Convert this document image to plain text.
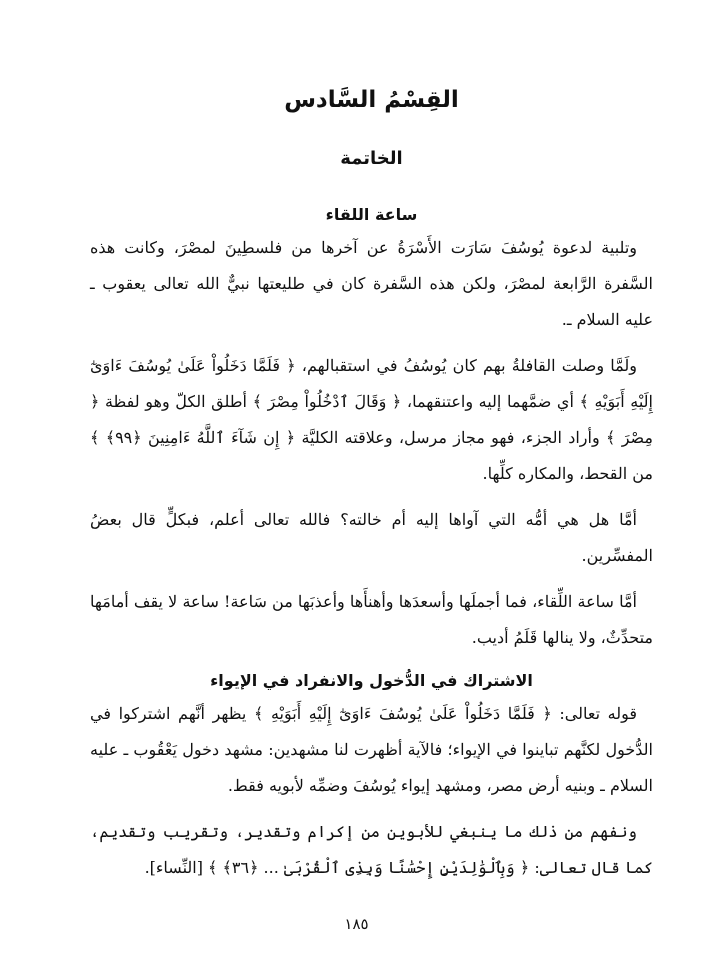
القِسْمُ السَّادس
الخاتمة
ساعة اللقاء

وتلبية لدعوة يُوسُفَ سَارَت الأَسْرَةُ عن آخرها من فلسطِينَ لمصْرَ، وكانت هذه السَّفرة الرَّابعة لمصْرَ، ولكن هذه السَّفرة كان في طليعتها نبيٌّ الله تعالى يعقوب ـ عليه السلام ـ.

ولَمَّا وصلت القافلةُ بهم كان يُوسُفُ في استقبالهم، ﴿ فَلَمَّا دَخَلُواْ عَلَىٰ يُوسُفَ ءَاوَىٰٓ إِلَيْهِ أَبَوَيْهِ ﴾ أي ضمَّهما إليه واعتنقهما، ﴿ وَقَالَ ٱدْخُلُواْ مِصْرَ ﴾ أطلق الكلّ وهو لفظة ﴿ مِصْرَ ﴾ وأراد الجزء، فهو مجاز مرسل، وعلاقته الكليَّة ﴿ إِن شَآءَ ٱللَّهُ ءَامِنِينَ ﴿٩٩﴾ ﴾ من القحط، والمكاره كلِّها.

أمَّا هل هي أمُّه التي آواها إليه أم خالته؟ فالله تعالى أعلم، فبكلٍّ قال بعضُ المفسِّرين.

أمَّا ساعة اللِّقاء، فما أجملَها وأسعدَها وأهنأَها وأعذبَها من سَاعة! ساعة لا يقف أمامَها متحدِّثٌ، ولا ينالها قَلَمُ أديب.

الاشتراك في الدُّخول والانفراد في الإيواء

قوله تعالى: ﴿ فَلَمَّا دَخَلُواْ عَلَىٰ يُوسُفَ ءَاوَىٰٓ إِلَيْهِ أَبَوَيْهِ ﴾ يظهر أنَّهم اشتركوا في الدُّخول لكنَّهم تباينوا في الإيواء؛ فالآية أظهرت لنا مشهدين: مشهد دخول يَعْقُوب ـ عليه السلام ـ وبنيه أرض مصر، ومشهد إيواء يُوسُفَ وضمِّه لأبويه فقط.

ونفهم من ذلك ما ينبغي للأبوين من إكرام وتقدير، وتقريب وتقديم، كما قال تعالى: ﴿ وَبِٱلْوَٰلِدَيْنِ إِحْسَٰنًا وَبِذِى ٱلْقُرْبَىٰ ... ﴿٣٦﴾ ﴾ [النِّساء].

١٨٥
